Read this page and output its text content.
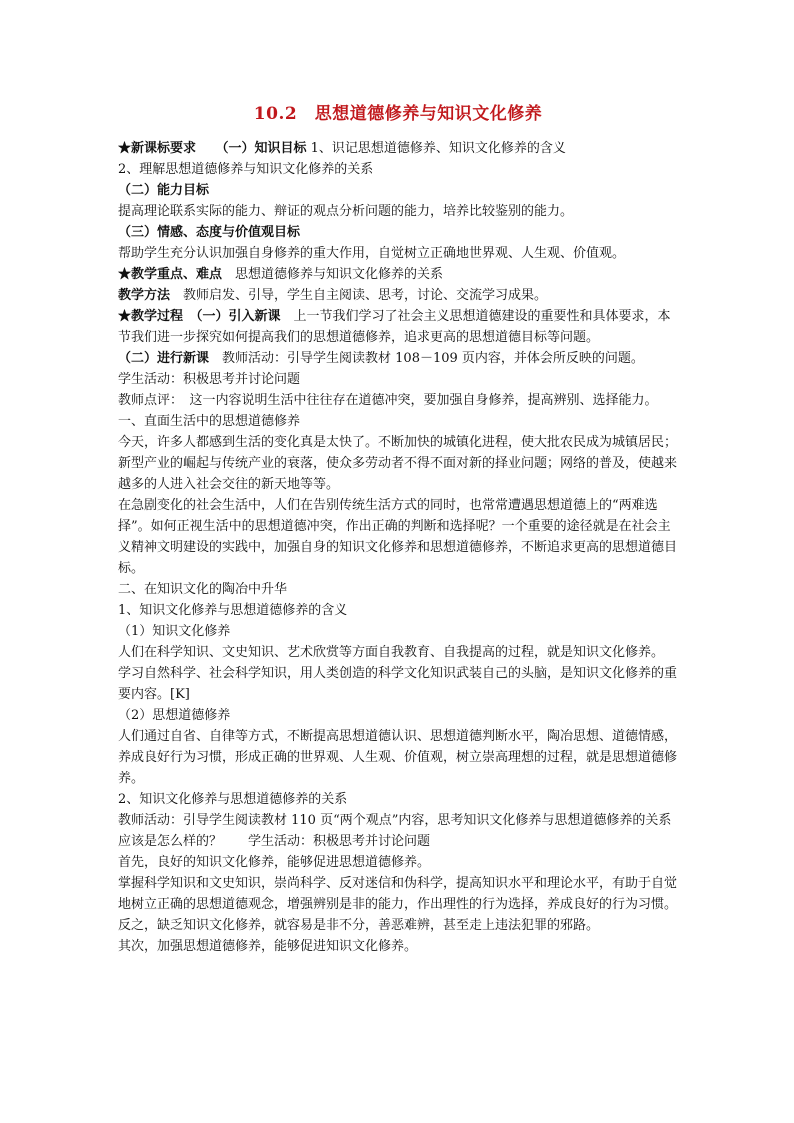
10.2　思想道德修养与知识文化修养
★新课标要求　　（一）知识目标 1、识记思想道德修养、知识文化修养的含义
2、理解思想道德修养与知识文化修养的关系
（二）能力目标
提高理论联系实际的能力、辩证的观点分析问题的能力，培养比较鉴别的能力。
（三）情感、态度与价值观目标
帮助学生充分认识加强自身修养的重大作用，自觉树立正确地世界观、人生观、价值观。
★教学重点、难点　思想道德修养与知识文化修养的关系
教学方法　教师启发、引导，学生自主阅读、思考，讨论、交流学习成果。
★教学过程　（一）引入新课　上一节我们学习了社会主义思想道德建设的重要性和具体要求，本节我们进一步探究如何提高我们的思想道德修养，追求更高的思想道德目标等问题。
（二）进行新课　教师活动：引导学生阅读教材 108－109 页内容，并体会所反映的问题。
学生活动：积极思考并讨论问题
教师点评：　这一内容说明生活中往往存在道德冲突，要加强自身修养，提高辨别、选择能力。
一、直面生活中的思想道德修养
今天，许多人都感到生活的变化真是太快了。不断加快的城镇化进程，使大批农民成为城镇居民；新型产业的崛起与传统产业的衰落，使众多劳动者不得不面对新的择业问题；网络的普及，使越来越多的人进入社会交往的新天地等等。
在急剧变化的社会生活中，人们在告别传统生活方式的同时，也常常遭遇思想道德上的“两难选择”。如何正视生活中的思想道德冲突，作出正确的判断和选择呢？一个重要的途径就是在社会主义精神文明建设的实践中，加强自身的知识文化修养和思想道德修养，不断追求更高的思想道德目标。
二、在知识文化的陶冶中升华
1、知识文化修养与思想道德修养的含义
（1）知识文化修养
人们在科学知识、文史知识、艺术欣赏等方面自我教育、自我提高的过程，就是知识文化修养。
学习自然科学、社会科学知识，用人类创造的科学文化知识武装自己的头脑，是知识文化修养的重要内容。[K]
（2）思想道德修养
人们通过自省、自律等方式，不断提高思想道德认识、思想道德判断水平，陶冶思想、道德情感，养成良好行为习惯，形成正确的世界观、人生观、价值观，树立崇高理想的过程，就是思想道德修养。
2、知识文化修养与思想道德修养的关系
教师活动：引导学生阅读教材 110 页“两个观点”内容，思考知识文化修养与思想道德修养的关系应该是怎么样的？　　学生活动：积极思考并讨论问题
首先，良好的知识文化修养，能够促进思想道德修养。
掌握科学知识和文史知识，崇尚科学、反对迷信和伪科学，提高知识水平和理论水平，有助于自觉地树立正确的思想道德观念，增强辨别是非的能力，作出理性的行为选择，养成良好的行为习惯。反之，缺乏知识文化修养，就容易是非不分，善恶难辨，甚至走上违法犯罪的邪路。
其次，加强思想道德修养，能够促进知识文化修养。
